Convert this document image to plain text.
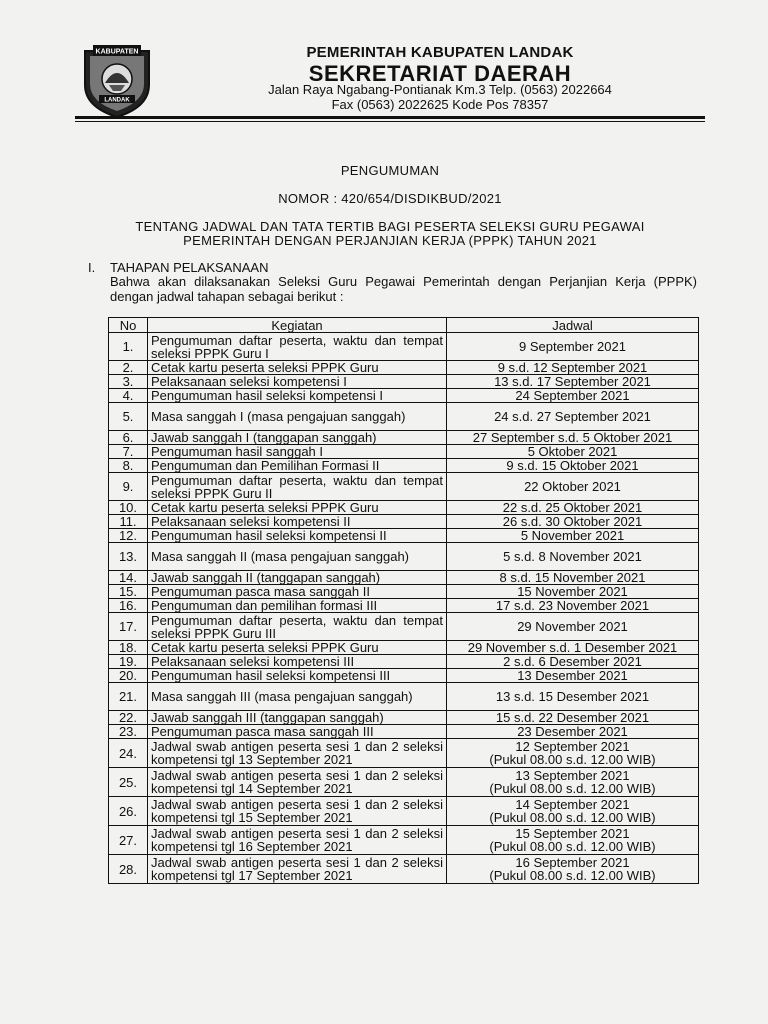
KABUPATEN
LANDAK
PEMERINTAH KABUPATEN LANDAK
SEKRETARIAT DAERAH
Jalan Raya Ngabang-Pontianak Km.3 Telp. (0563) 2022664
Fax (0563) 2022625 Kode Pos 78357
PENGUMUMAN
NOMOR : 420/654/DISDIKBUD/2021
TENTANG JADWAL DAN TATA TERTIB BAGI PESERTA SELEKSI GURU PEGAWAI
PEMERINTAH DENGAN PERJANJIAN KERJA (PPPK) TAHUN 2021
I. TAHAPAN PELAKSANAAN
Bahwa akan dilaksanakan Seleksi Guru Pegawai Pemerintah dengan Perjanjian Kerja (PPPK) dengan jadwal tahapan sebagai berikut :
No	Kegiatan	Jadwal
1.	Pengumuman daftar peserta, waktu dan tempat seleksi PPPK Guru I	9 September 2021

2.	Cetak kartu peserta seleksi PPPK Guru	9 s.d. 12 September 2021

3.	Pelaksanaan seleksi kompetensi I	13 s.d. 17 September 2021

4.	Pengumuman hasil seleksi kompetensi I	24 September 2021

5.	Masa sanggah I (masa pengajuan sanggah)	24 s.d. 27 September 2021

6.	Jawab sanggah I (tanggapan sanggah)	27 September s.d. 5 Oktober 2021

7.	Pengumuman hasil sanggah I	5 Oktober 2021

8.	Pengumuman dan Pemilihan Formasi II	9 s.d. 15 Oktober 2021

9.	Pengumuman daftar peserta, waktu dan tempat seleksi PPPK Guru II	22 Oktober 2021

10.	Cetak kartu peserta seleksi PPPK Guru	22 s.d. 25 Oktober 2021

11.	Pelaksanaan seleksi kompetensi II	26 s.d. 30 Oktober 2021

12.	Pengumuman hasil seleksi kompetensi II	5 November 2021

13.	Masa sanggah II (masa pengajuan sanggah)	5 s.d. 8 November 2021

14.	Jawab sanggah II (tanggapan sanggah)	8 s.d. 15 November 2021

15.	Pengumuman pasca masa sanggah II	15 November 2021

16.	Pengumuman dan pemilihan formasi III	17 s.d. 23 November 2021

17.	Pengumuman daftar peserta, waktu dan tempat seleksi PPPK Guru III	29 November 2021

18.	Cetak kartu peserta seleksi PPPK Guru	29 November s.d. 1 Desember 2021

19.	Pelaksanaan seleksi kompetensi III	2 s.d. 6 Desember 2021

20.	Pengumuman hasil seleksi kompetensi III	13 Desember 2021

21.	Masa sanggah III (masa pengajuan sanggah)	13 s.d. 15 Desember 2021

22.	Jawab sanggah III (tanggapan sanggah)	15 s.d. 22 Desember 2021

23.	Pengumuman pasca masa sanggah III	23 Desember 2021

24.	Jadwal swab antigen peserta sesi 1 dan 2 seleksi kompetensi tgl 13 September 2021	12 September 2021
(Pukul 08.00 s.d. 12.00 WIB)

25.	Jadwal swab antigen peserta sesi 1 dan 2 seleksi kompetensi tgl 14 September 2021	13 September 2021
(Pukul 08.00 s.d. 12.00 WIB)

26.	Jadwal swab antigen peserta sesi 1 dan 2 seleksi kompetensi tgl 15 September 2021	14 September 2021
(Pukul 08.00 s.d. 12.00 WIB)

27.	Jadwal swab antigen peserta sesi 1 dan 2 seleksi kompetensi tgl 16 September 2021	15 September 2021
(Pukul 08.00 s.d. 12.00 WIB)

28.	Jadwal swab antigen peserta sesi 1 dan 2 seleksi kompetensi tgl 17 September 2021	16 September 2021
(Pukul 08.00 s.d. 12.00 WIB)
